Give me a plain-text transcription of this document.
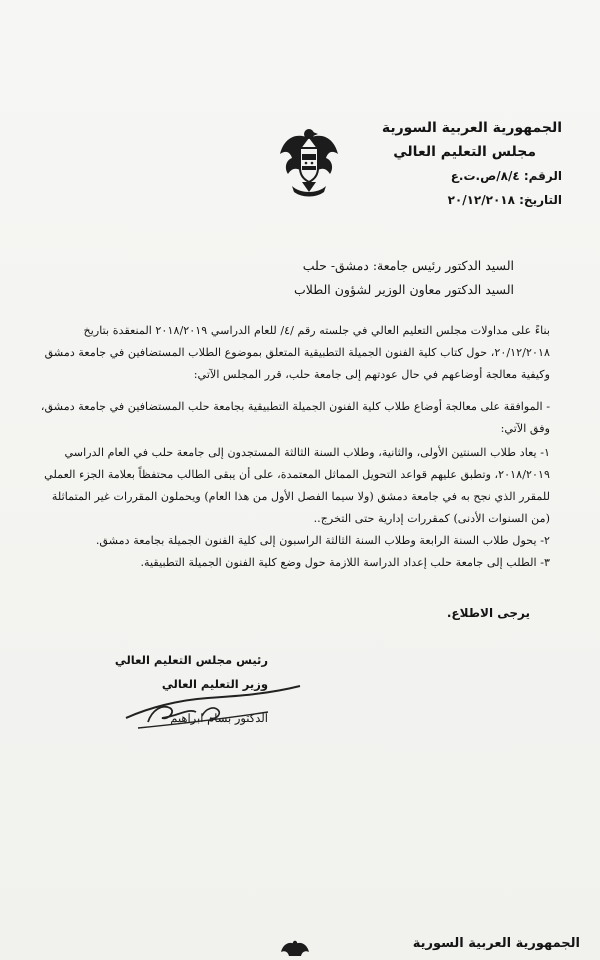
الجمهورية العربية السورية
مجلس التعليم العالي
الرقم: ٨/٤/ص.ت.ع
التاريخ: ٢٠/١٢/٢٠١٨
السيد الدكتور رئيس جامعة: دمشق- حلب
السيد الدكتور معاون الوزير لشؤون الطلاب

بناءً على مداولات مجلس التعليم العالي في جلسته رقم /٤/ للعام الدراسي ٢٠١٨/٢٠١٩ المنعقدة بتاريخ ٢٠/١٢/٢٠١٨، حول كتاب كلية الفنون الجميلة التطبيقية المتعلق بموضوع الطلاب المستضافين في جامعة دمشق وكيفية معالجة أوضاعهم في حال عودتهم إلى جامعة حلب، قرر المجلس الآتي:

- الموافقة على معالجة أوضاع طلاب كلية الفنون الجميلة التطبيقية بجامعة حلب المستضافين في جامعة دمشق، وفق الآتي:

١- يعاد طلاب السنتين الأولى، والثانية، وطلاب السنة الثالثة المستجدون إلى جامعة حلب في العام الدراسي ٢٠١٨/٢٠١٩، وتطبق عليهم قواعد التحويل المماثل المعتمدة، على أن يبقى الطالب محتفظاً بعلامة الجزء العملي للمقرر الذي نجح به في جامعة دمشق (ولا سيما الفصل الأول من هذا العام) ويحملون المقررات غير المتماثلة (من السنوات الأدنى) كمقررات إدارية حتى التخرج..

٢- يحول طلاب السنة الرابعة وطلاب السنة الثالثة الراسبون إلى كلية الفنون الجميلة بجامعة دمشق.

٣- الطلب إلى جامعة حلب إعداد الدراسة اللازمة حول وضع كلية الفنون الجميلة التطبيقية.

يرجى الاطلاع.
رئيس مجلس التعليم العالي
وزير التعليم العالي
الدكتور بسام ابراهيم
الجمهورية العربية السورية
